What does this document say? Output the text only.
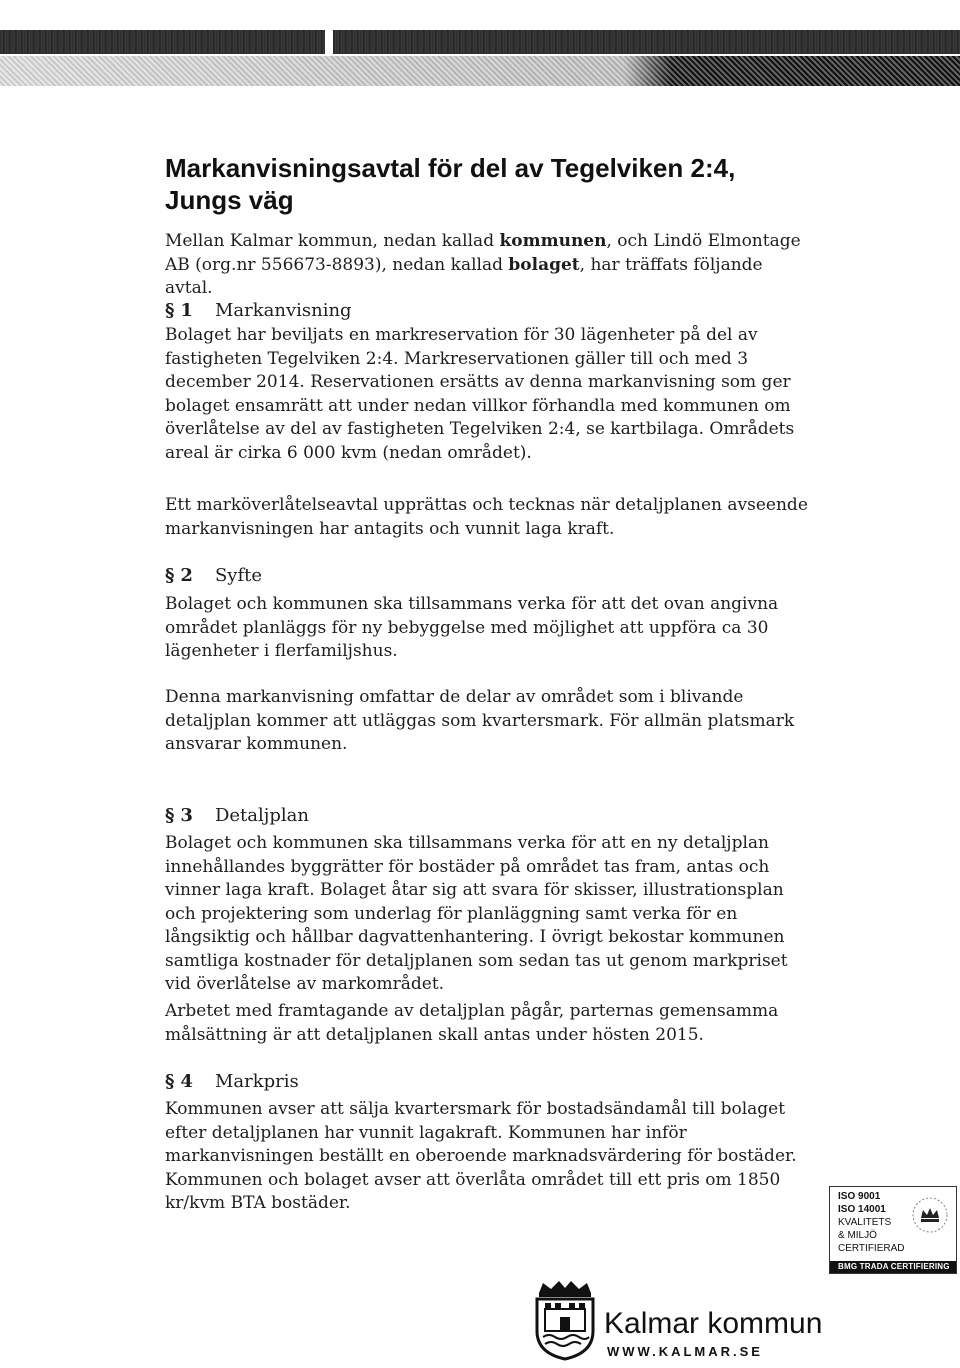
Markanvisningsavtal för del av Tegelviken 2:4,
Jungs väg

Mellan Kalmar kommun, nedan kallad kommunen, och Lindö Elmontage AB (org.nr 556673-8893), nedan kallad bolaget, har träffats följande avtal.

§ 1 Markanvisning

Bolaget har beviljats en markreservation för 30 lägenheter på del av fastigheten Tegelviken 2:4. Markreservationen gäller till och med 3 december 2014. Reservationen ersätts av denna markanvisning som ger bolaget ensamrätt att under nedan villkor förhandla med kommunen om överlåtelse av del av fastigheten Tegelviken 2:4, se kartbilaga. Områdets areal är cirka 6 000 kvm (nedan området).

Ett marköverlåtelseavtal upprättas och tecknas när detaljplanen avseende markanvisningen har antagits och vunnit laga kraft.

§ 2 Syfte

Bolaget och kommunen ska tillsammans verka för att det ovan angivna området planläggs för ny bebyggelse med möjlighet att uppföra ca 30 lägenheter i flerfamiljshus.

Denna markanvisning omfattar de delar av området som i blivande detaljplan kommer att utläggas som kvartersmark. För allmän platsmark ansvarar kommunen.

§ 3 Detaljplan

Bolaget och kommunen ska tillsammans verka för att en ny detaljplan innehållandes byggrätter för bostäder på området tas fram, antas och vinner laga kraft. Bolaget åtar sig att svara för skisser, illustrationsplan och projektering som underlag för planläggning samt verka för en långsiktig och hållbar dagvattenhantering. I övrigt bekostar kommunen samtliga kostnader för detaljplanen som sedan tas ut genom markpriset vid överlåtelse av markområdet.

Arbetet med framtagande av detaljplan pågår, parternas gemensamma målsättning är att detaljplanen skall antas under hösten 2015.

§ 4 Markpris

Kommunen avser att sälja kvartersmark för bostadsändamål till bolaget efter detaljplanen har vunnit lagakraft. Kommunen har inför markanvisningen beställt en oberoende marknadsvärdering för bostäder. Kommunen och bolaget avser att överlåta området till ett pris om 1850 kr/kvm BTA bostäder.	ISO 9001
ISO 14001
KVALITETS
& MILJÖ
CERTIFIERAD
BMG TRADA CERTIFIERING

Kalmar kommun

WWW.KALMAR.SE
